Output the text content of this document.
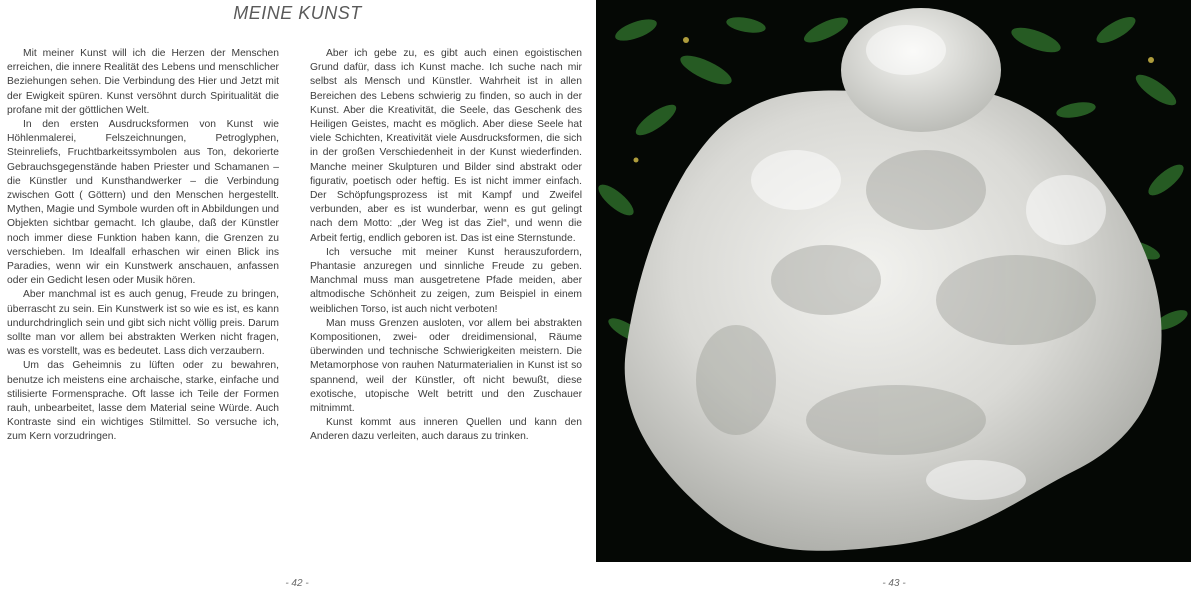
MEINE KUNST

Mit meiner Kunst will ich die Herzen der Menschen erreichen, die innere Realität des Lebens und menschlicher Beziehungen sehen. Die Verbindung des Hier und Jetzt mit der Ewigkeit spüren. Kunst versöhnt durch Spiritualität die profane mit der göttlichen Welt.

In den ersten Ausdrucksformen von Kunst wie Höhlenmalerei, Felszeichnungen, Petroglyphen, Steinreliefs, Fruchtbarkeitssymbolen aus Ton, dekorierte Gebrauchsgegenstände haben Priester und Schamanen – die Künstler und Kunsthandwerker – die Verbindung zwischen Gott ( Göttern) und den Menschen hergestellt. Mythen, Magie und Symbole wurden oft in Abbildungen und Objekten sichtbar gemacht. Ich glaube, daß der Künstler noch immer diese Funktion haben kann, die Grenzen zu verschieben. Im Idealfall erhaschen wir einen Blick ins Paradies, wenn wir ein Kunstwerk anschauen, anfassen oder ein Gedicht lesen oder Musik hören.

Aber manchmal ist es auch genug, Freude zu bringen, überrascht zu sein. Ein Kunstwerk ist so wie es ist, es kann undurchdringlich sein und gibt sich nicht völlig preis. Darum sollte man vor allem bei abstrakten Werken nicht fragen, was es vorstellt, was es bedeutet. Lass dich verzaubern.

Um das Geheimnis zu lüften oder zu bewahren, benutze ich meistens eine archaische, starke, einfache und stilisierte Formensprache. Oft lasse ich Teile der Formen rauh, unbearbeitet, lasse dem Material seine Würde. Auch Kontraste sind ein wichtiges Stilmittel. So versuche ich, zum Kern vorzudringen.

Aber ich gebe zu, es gibt auch einen egoistischen Grund dafür, dass ich Kunst mache. Ich suche nach mir selbst als Mensch und Künstler. Wahrheit ist in allen Bereichen des Lebens schwierig zu finden, so auch in der Kunst. Aber die Kreativität, die Seele, das Geschenk des Heiligen Geistes, macht es möglich. Aber diese Seele hat viele Schichten, Kreativität viele Ausdrucksformen, die sich in der großen Verschiedenheit in der Kunst wiederfinden. Manche meiner Skulpturen und Bilder sind abstrakt oder figurativ, poetisch oder heftig. Es ist nicht immer einfach. Der Schöpfungsprozess ist mit Kampf und Zweifel verbunden, aber es ist wunderbar, wenn es gut gelingt nach dem Motto: „der Weg ist das Ziel“, und wenn die Arbeit fertig, endlich geboren ist. Das ist eine Sternstunde.

Ich versuche mit meiner Kunst herauszufordern, Phantasie anzuregen und sinnliche Freude zu geben. Manchmal muss man ausgetretene Pfade meiden, aber altmodische Schönheit zu zeigen, zum Beispiel in einem weiblichen Torso, ist auch nicht verboten!

Man muss Grenzen ausloten, vor allem bei abstrakten Kompositionen, zwei- oder dreidimensional, Räume überwinden und technische Schwierigkeiten meistern. Die Metamorphose von rauhen Naturmaterialien in Kunst ist so spannend, weil der Künstler, oft nicht bewußt, diese exotische, utopische Welt betritt und den Zuschauer mitnimmt.

Kunst kommt aus inneren Quellen und kann den Anderen dazu verleiten, auch daraus zu trinken.

- 42 -	- 43 -
